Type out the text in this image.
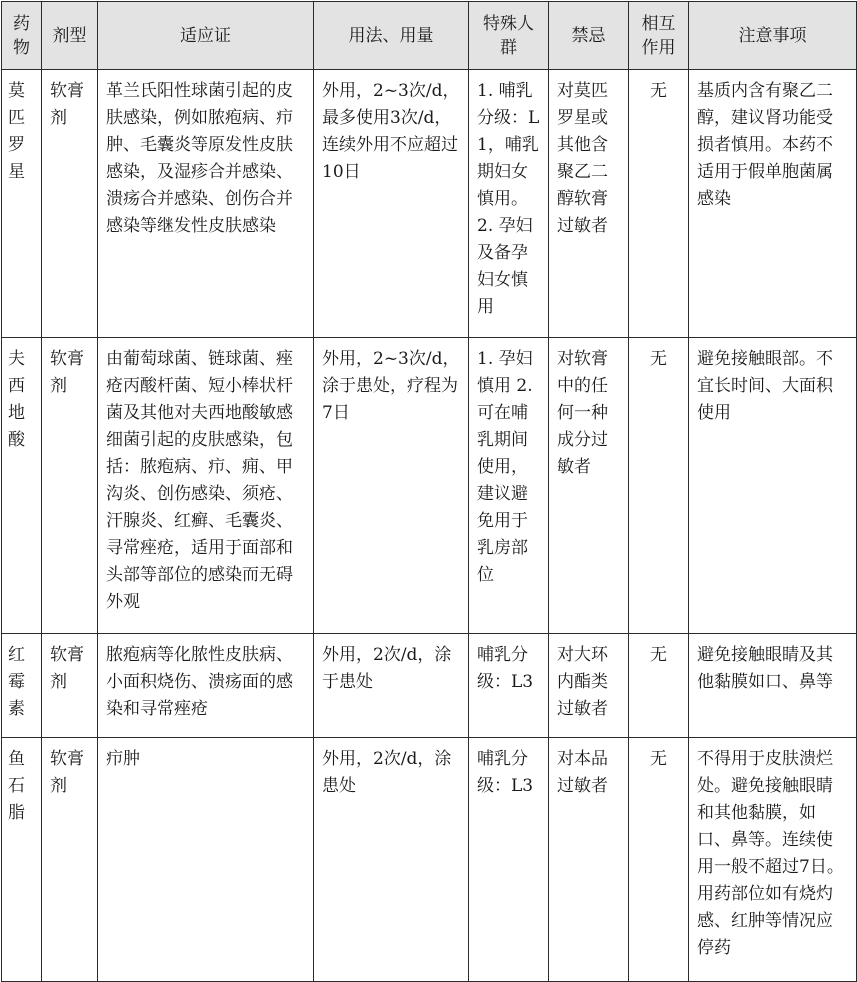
药物	剂型	适应证	用法、用量	特殊人群	禁忌	相互作用	注意事项
莫匹罗星	软膏剂	革兰氏阳性球菌引起的皮肤感染，例如脓疱病、疖肿、毛囊炎等原发性皮肤感染，及湿疹合并感染、溃疡合并感染、创伤合并感染等继发性皮肤感染	外用，2~3次/d，最多使用3次/d，连续外用不应超过10日	1. 哺乳分级：L1，哺乳期妇女慎用。2. 孕妇及备孕妇女慎用	对莫匹罗星或其他含聚乙二醇软膏过敏者	无	基质内含有聚乙二醇，建议肾功能受损者慎用。本药不适用于假单胞菌属感染
夫西地酸	软膏剂	由葡萄球菌、链球菌、痤疮丙酸杆菌、短小棒状杆菌及其他对夫西地酸敏感细菌引起的皮肤感染，包括：脓疱病、疖、痈、甲沟炎、创伤感染、须疮、汗腺炎、红癣、毛囊炎、寻常痤疮，适用于面部和头部等部位的感染而无碍外观	外用，2~3次/d，涂于患处，疗程为7日	1. 孕妇慎用 2. 可在哺乳期间使用，建议避免用于乳房部位	对软膏中的任何一种成分过敏者	无	避免接触眼部。不宜长时间、大面积使用
红霉素	软膏剂	脓疱病等化脓性皮肤病、小面积烧伤、溃疡面的感染和寻常痤疮	外用，2次/d，涂于患处	哺乳分级：L3	对大环内酯类过敏者	无	避免接触眼睛及其他黏膜如口、鼻等
鱼石脂	软膏剂	疖肿	外用，2次/d，涂患处	哺乳分级：L3	对本品过敏者	无	不得用于皮肤溃烂处。避免接触眼睛和其他黏膜，如口、鼻等。连续使用一般不超过7日。用药部位如有烧灼感、红肿等情况应停药
